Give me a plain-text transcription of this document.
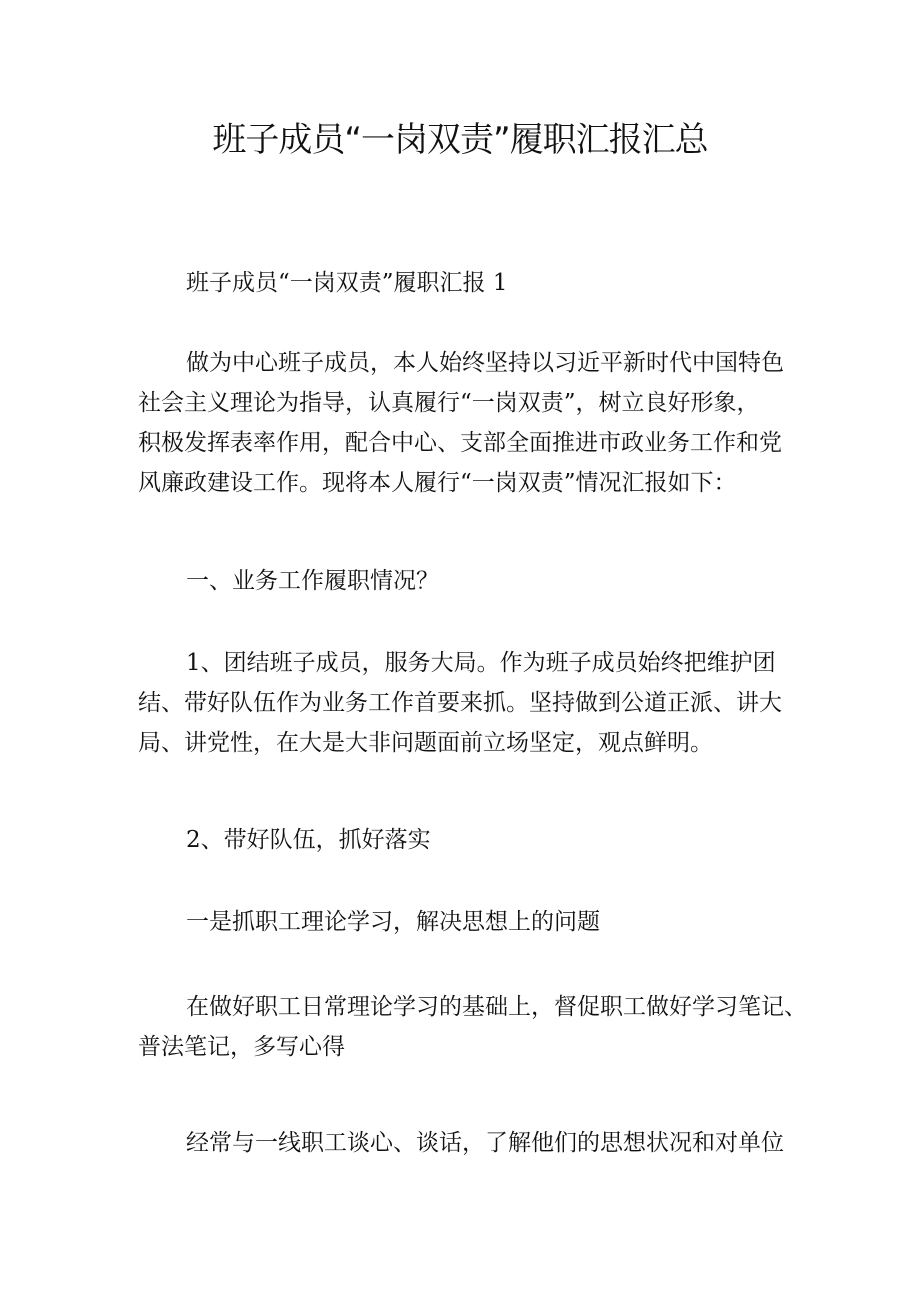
班子成员“一岗双责”履职汇报汇总
班子成员“一岗双责”履职汇报 1
做为中心班子成员，本人始终坚持以习近平新时代中国特色
社会主义理论为指导，认真履行“一岗双责”，树立良好形象，
积极发挥表率作用，配合中心、支部全面推进市政业务工作和党
风廉政建设工作。现将本人履行“一岗双责”情况汇报如下：
一、业务工作履职情况？
1、团结班子成员，服务大局。作为班子成员始终把维护团
结、带好队伍作为业务工作首要来抓。坚持做到公道正派、讲大
局、讲党性，在大是大非问题面前立场坚定，观点鲜明。
2、带好队伍，抓好落实
一是抓职工理论学习，解决思想上的问题
在做好职工日常理论学习的基础上，督促职工做好学习笔记、
普法笔记，多写心得
经常与一线职工谈心、谈话，了解他们的思想状况和对单位
